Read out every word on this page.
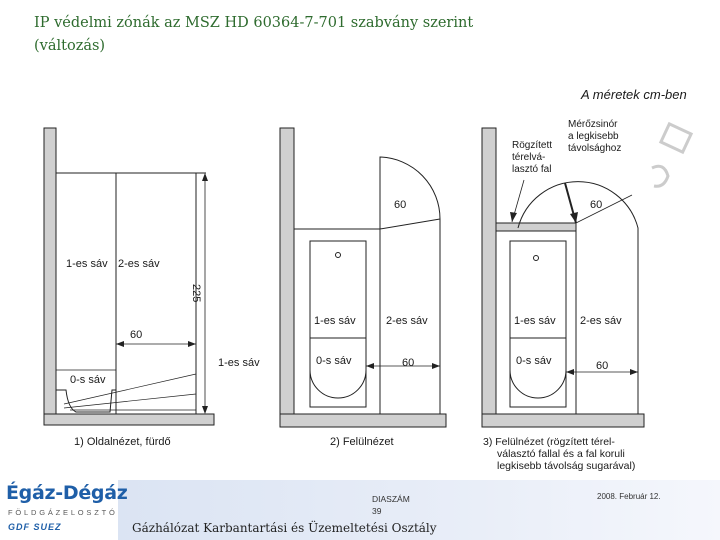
IP védelmi zónák az MSZ HD 60364-7-701 szabvány szerint
(változás)
A méretek cm-ben
225
60
1-es sáv 2-es sáv
1-es sáv
0-s sáv
1) Oldalnézet, fürdő
60
1-es sáv	2-es sáv
0-s sáv	60
2) Felülnézet
Rögzített térelvá- lasztó fal
Mérőzsinór a legkisebb távolsághoz
60
1-es sáv 2-es sáv
0-s sáv	60
3) Felülnézet (rögzített térel- választó fallal és a fal koruli legkisebb távolság sugarával)
Égáz-Dégáz
FÖLDGÁZELOSZTÓ
GDF SUEZ
DIASZÁM
39
Gázhálózat Karbantartási és Üzemeltetési Osztály
2008. Február 12.
